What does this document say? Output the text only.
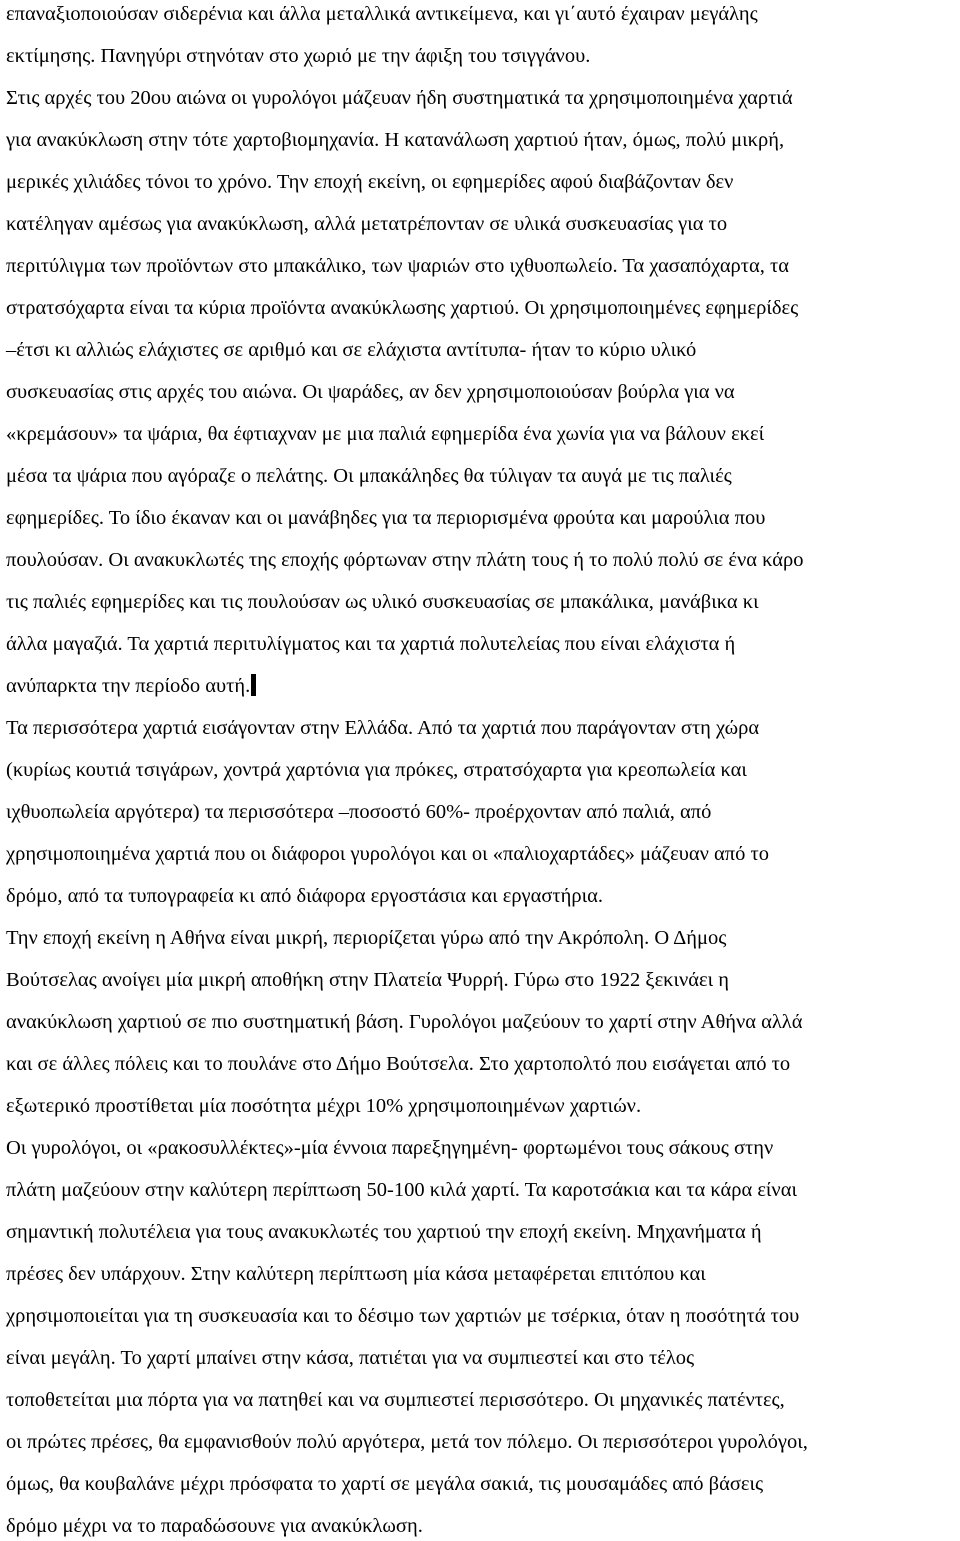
επαναξιοποιούσαν σιδερένια και άλλα μεταλλικά αντικείμενα, και γι΄αυτό έχαιραν μεγάλης
εκτίμησης. Πανηγύρι στηνόταν στο χωριό με την άφιξη του τσιγγάνου.
Στις αρχές του 20ου αιώνα οι γυρολόγοι μάζευαν ήδη συστηματικά τα χρησιμοποιημένα χαρτιά
για ανακύκλωση στην τότε χαρτοβιομηχανία. Η κατανάλωση χαρτιού ήταν, όμως, πολύ μικρή,
μερικές χιλιάδες τόνοι το χρόνο. Την εποχή εκείνη, οι εφημερίδες αφού διαβάζονταν δεν
κατέληγαν αμέσως για ανακύκλωση, αλλά μετατρέπονταν σε υλικά συσκευασίας για το
περιτύλιγμα των προϊόντων στο μπακάλικο, των ψαριών στο ιχθυοπωλείο. Τα χασαπόχαρτα, τα
στρατσόχαρτα είναι τα κύρια προϊόντα ανακύκλωσης χαρτιού. Οι χρησιμοποιημένες εφημερίδες
–έτσι κι αλλιώς ελάχιστες σε αριθμό και σε ελάχιστα αντίτυπα- ήταν το κύριο υλικό
συσκευασίας στις αρχές του αιώνα. Οι ψαράδες, αν δεν χρησιμοποιούσαν βούρλα για να
«κρεμάσουν» τα ψάρια, θα έφτιαχναν με μια παλιά εφημερίδα ένα χωνία για να βάλουν εκεί
μέσα τα ψάρια που αγόραζε ο πελάτης. Οι μπακάληδες θα τύλιγαν τα αυγά με τις παλιές
εφημερίδες. Το ίδιο έκαναν και οι μανάβηδες για τα περιορισμένα φρούτα και μαρούλια που
πουλούσαν. Οι ανακυκλωτές της εποχής φόρτωναν στην πλάτη τους ή το πολύ πολύ σε ένα κάρο
τις παλιές εφημερίδες και τις πουλούσαν ως υλικό συσκευασίας σε μπακάλικα, μανάβικα κι
άλλα μαγαζιά. Τα χαρτιά περιτυλίγματος και τα χαρτιά πολυτελείας που είναι ελάχιστα ή
ανύπαρκτα την περίοδο αυτή.
Τα περισσότερα χαρτιά εισάγονταν στην Ελλάδα. Από τα χαρτιά που παράγονταν στη χώρα
(κυρίως κουτιά τσιγάρων, χοντρά χαρτόνια για πρόκες, στρατσόχαρτα για κρεοπωλεία και
ιχθυοπωλεία αργότερα) τα περισσότερα –ποσοστό 60%- προέρχονταν από παλιά, από
χρησιμοποιημένα χαρτιά που οι διάφοροι γυρολόγοι και οι «παλιοχαρτάδες» μάζευαν από το
δρόμο, από τα τυπογραφεία κι από διάφορα εργοστάσια και εργαστήρια.
Την εποχή εκείνη η Αθήνα είναι μικρή, περιορίζεται γύρω από την Ακρόπολη. Ο Δήμος
Βούτσελας ανοίγει μία μικρή αποθήκη στην Πλατεία Ψυρρή. Γύρω στο 1922 ξεκινάει η
ανακύκλωση χαρτιού σε πιο συστηματική βάση. Γυρολόγοι μαζεύουν το χαρτί στην Αθήνα αλλά
και σε άλλες πόλεις και το πουλάνε στο Δήμο Βούτσελα. Στο χαρτοπολτό που εισάγεται από το
εξωτερικό προστίθεται μία ποσότητα μέχρι 10% χρησιμοποιημένων χαρτιών.
Οι γυρολόγοι, οι «ρακοσυλλέκτες»-μία έννοια παρεξηγημένη- φορτωμένοι τους σάκους στην
πλάτη μαζεύουν στην καλύτερη περίπτωση 50-100 κιλά χαρτί. Τα καροτσάκια και τα κάρα είναι
σημαντική πολυτέλεια για τους ανακυκλωτές του χαρτιού την εποχή εκείνη. Μηχανήματα ή
πρέσες δεν υπάρχουν. Στην καλύτερη περίπτωση μία κάσα μεταφέρεται επιτόπου και
χρησιμοποιείται για τη συσκευασία και το δέσιμο των χαρτιών με τσέρκια, όταν η ποσότητά του
είναι μεγάλη. Το χαρτί μπαίνει στην κάσα, πατιέται για να συμπιεστεί και στο τέλος
τοποθετείται μια πόρτα για να πατηθεί και να συμπιεστεί περισσότερο. Οι μηχανικές πατέντες,
οι πρώτες πρέσες, θα εμφανισθούν πολύ αργότερα, μετά τον πόλεμο. Οι περισσότεροι γυρολόγοι,
όμως, θα κουβαλάνε μέχρι πρόσφατα το χαρτί σε μεγάλα σακιά, τις μουσαμάδες από βάσεις
δρόμο μέχρι να το παραδώσουνε για ανακύκλωση.
